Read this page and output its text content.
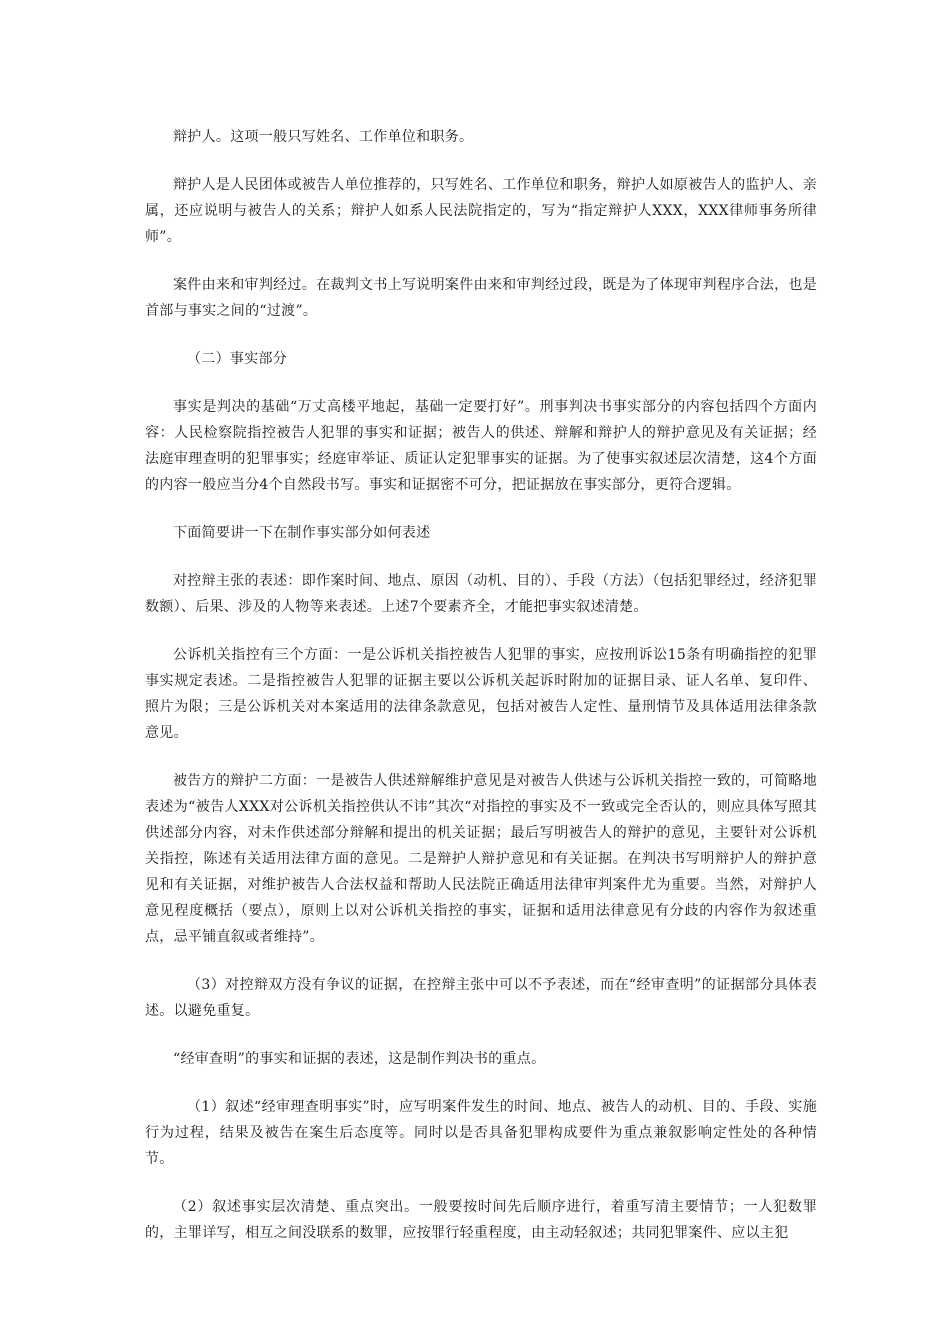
辩护人。这项一般只写姓名、工作单位和职务。

辩护人是人民团体或被告人单位推荐的，只写姓名、工作单位和职务，辩护人如原被告人的监护人、亲属，还应说明与被告人的关系；辩护人如系人民法院指定的，写为“指定辩护人XXX，XXX律师事务所律师”。

案件由来和审判经过。在裁判文书上写说明案件由来和审判经过段，既是为了体现审判程序合法，也是首部与事实之间的“过渡”。

（二）事实部分

事实是判决的基础“万丈高楼平地起，基础一定要打好”。刑事判决书事实部分的内容包括四个方面内容：人民检察院指控被告人犯罪的事实和证据；被告人的供述、辩解和辩护人的辩护意见及有关证据；经法庭审理查明的犯罪事实；经庭审举证、质证认定犯罪事实的证据。为了使事实叙述层次清楚，这4个方面的内容一般应当分4个自然段书写。事实和证据密不可分，把证据放在事实部分，更符合逻辑。

下面简要讲一下在制作事实部分如何表述

对控辩主张的表述：即作案时间、地点、原因（动机、目的）、手段（方法）（包括犯罪经过，经济犯罪数额）、后果、涉及的人物等来表述。上述7个要素齐全，才能把事实叙述清楚。

公诉机关指控有三个方面：一是公诉机关指控被告人犯罪的事实，应按刑诉讼15条有明确指控的犯罪事实规定表述。二是指控被告人犯罪的证据主要以公诉机关起诉时附加的证据目录、证人名单、复印件、照片为限；三是公诉机关对本案适用的法律条款意见，包括对被告人定性、量刑情节及具体适用法律条款意见。

被告方的辩护二方面：一是被告人供述辩解维护意见是对被告人供述与公诉机关指控一致的，可简略地表述为“被告人XXX对公诉机关指控供认不讳”其次“对指控的事实及不一致或完全否认的，则应具体写照其供述部分内容，对未作供述部分辩解和提出的机关证据；最后写明被告人的辩护的意见，主要针对公诉机关指控，陈述有关适用法律方面的意见。二是辩护人辩护意见和有关证据。在判决书写明辩护人的辩护意见和有关证据，对维护被告人合法权益和帮助人民法院正确适用法律审判案件尤为重要。当然，对辩护人意见程度概括（要点），原则上以对公诉机关指控的事实，证据和适用法律意见有分歧的内容作为叙述重点，忌平铺直叙或者维持”。

（3）对控辩双方没有争议的证据，在控辩主张中可以不予表述，而在“经审查明”的证据部分具体表述。以避免重复。

“经审查明”的事实和证据的表述，这是制作判决书的重点。

（1）叙述“经审理查明事实”时，应写明案件发生的时间、地点、被告人的动机、目的、手段、实施行为过程，结果及被告在案生后态度等。同时以是否具备犯罪构成要件为重点兼叙影响定性处的各种情节。

（2）叙述事实层次清楚、重点突出。一般要按时间先后顺序进行，着重写清主要情节；一人犯数罪的，主罪详写，相互之间没联系的数罪，应按罪行轻重程度，由主动轻叙述；共同犯罪案件、应以主犯
